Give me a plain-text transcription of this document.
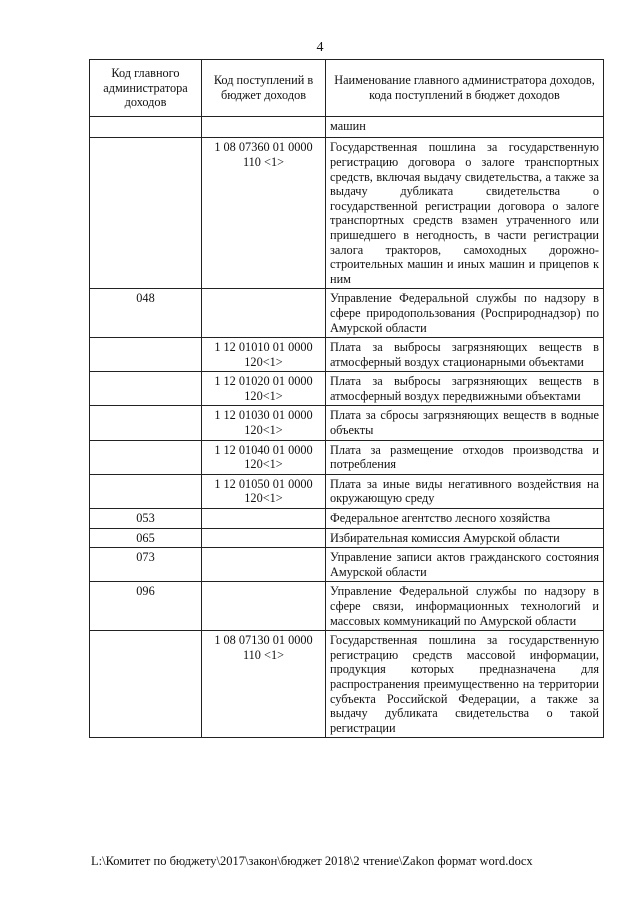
4
Код главного администратора доходов	Код поступлений в бюджет доходов	Наименование главного администратора доходов, кода поступлений в бюджет доходов
		машин
	1 08 07360 01 0000 110 <1>	Государственная пошлина за государственную регистрацию договора о залоге транспортных средств, включая выдачу свидетельства, а также за выдачу дубликата свидетельства о государственной регистрации договора о залоге транспортных средств взамен утраченного или пришедшего в негодность, в части регистрации залога тракторов, самоходных дорожно-строительных машин и иных машин и прицепов к ним
048		Управление Федеральной службы по надзору в сфере природопользования (Росприроднадзор) по Амурской области
	1 12 01010 01 0000 120<1>	Плата за выбросы загрязняющих веществ в атмосферный воздух стационарными объектами
	1 12 01020 01 0000 120<1>	Плата за выбросы загрязняющих веществ в атмосферный воздух передвижными объектами
	1 12 01030 01 0000 120<1>	Плата за сбросы загрязняющих веществ в водные объекты
	1 12 01040 01 0000 120<1>	Плата за размещение отходов производства и потребления
	1 12 01050 01 0000 120<1>	Плата за иные виды негативного воздействия на окружающую среду
053		Федеральное агентство лесного хозяйства
065		Избирательная комиссия Амурской области
073		Управление записи актов гражданского состояния Амурской области
096		Управление Федеральной службы по надзору в сфере связи, информационных технологий и массовых коммуникаций по Амурской области
	1 08 07130 01 0000 110 <1>	Государственная пошлина за государственную регистрацию средств массовой информации, продукция которых предназначена для распространения преимущественно на территории субъекта Российской Федерации, а также за выдачу дубликата свидетельства о такой регистрации
L:\Комитет по бюджету\2017\закон\бюджет 2018\2 чтение\Zakon формат word.docx
